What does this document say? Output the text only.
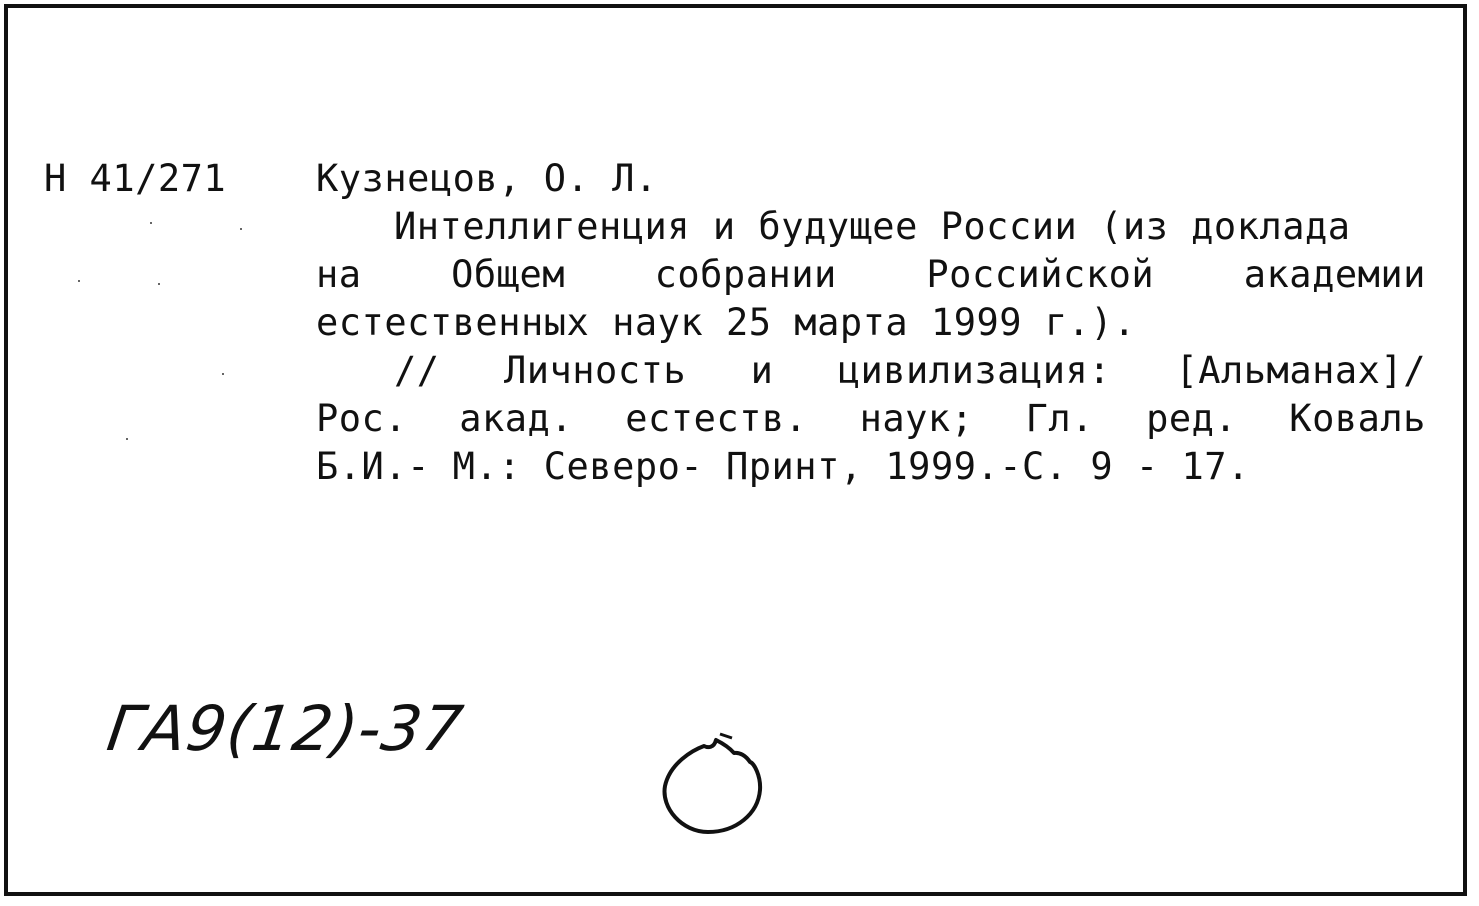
Н 41/271 Кузнецов, О. Л.
Интеллигенция и будущее России (из доклада
на Общем собрании Российской академии
естественных наук 25 марта 1999 г.).
// Личность и цивилизация: [Альманах]/
Рос. акад. естеств. наук; Гл. ред. Коваль
Б.И.- М.: Северо- Принт, 1999.-С. 9 - 17.
ГА9(12)-37
